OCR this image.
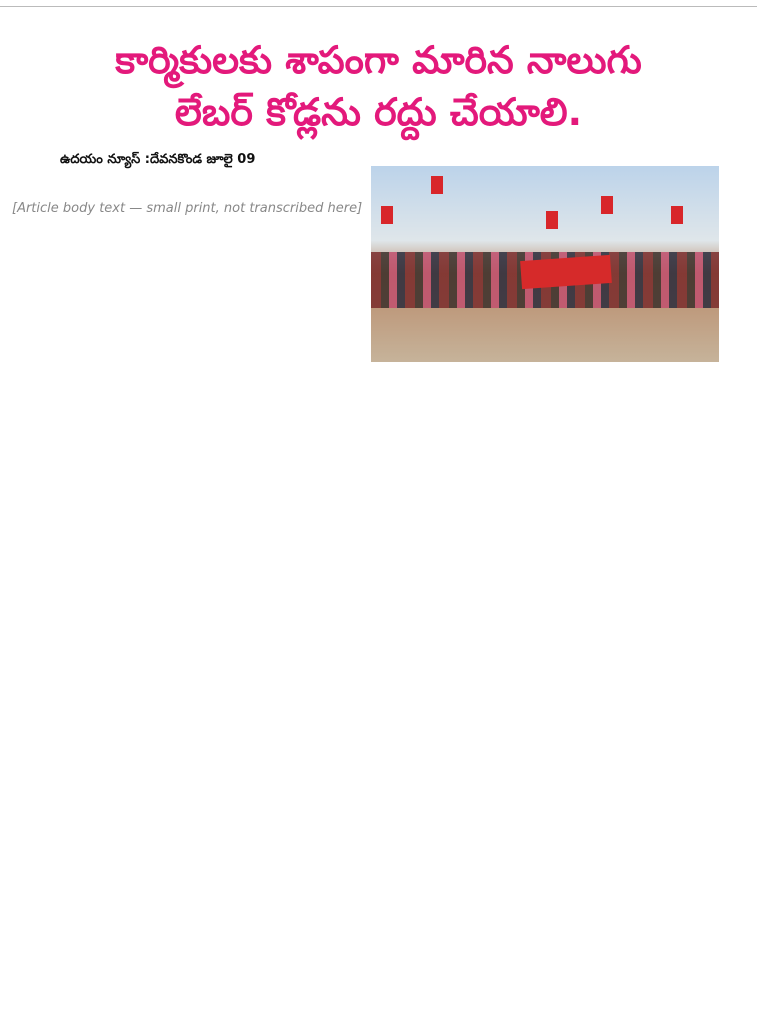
కార్మికులకు శాపంగా మారిన నాలుగు
లేబర్ కోడ్లను రద్దు చేయాలి.
ఉదయం న్యూస్ :దేవనకొండ జూలై 09

[Article body text — small print, not transcribed here]
